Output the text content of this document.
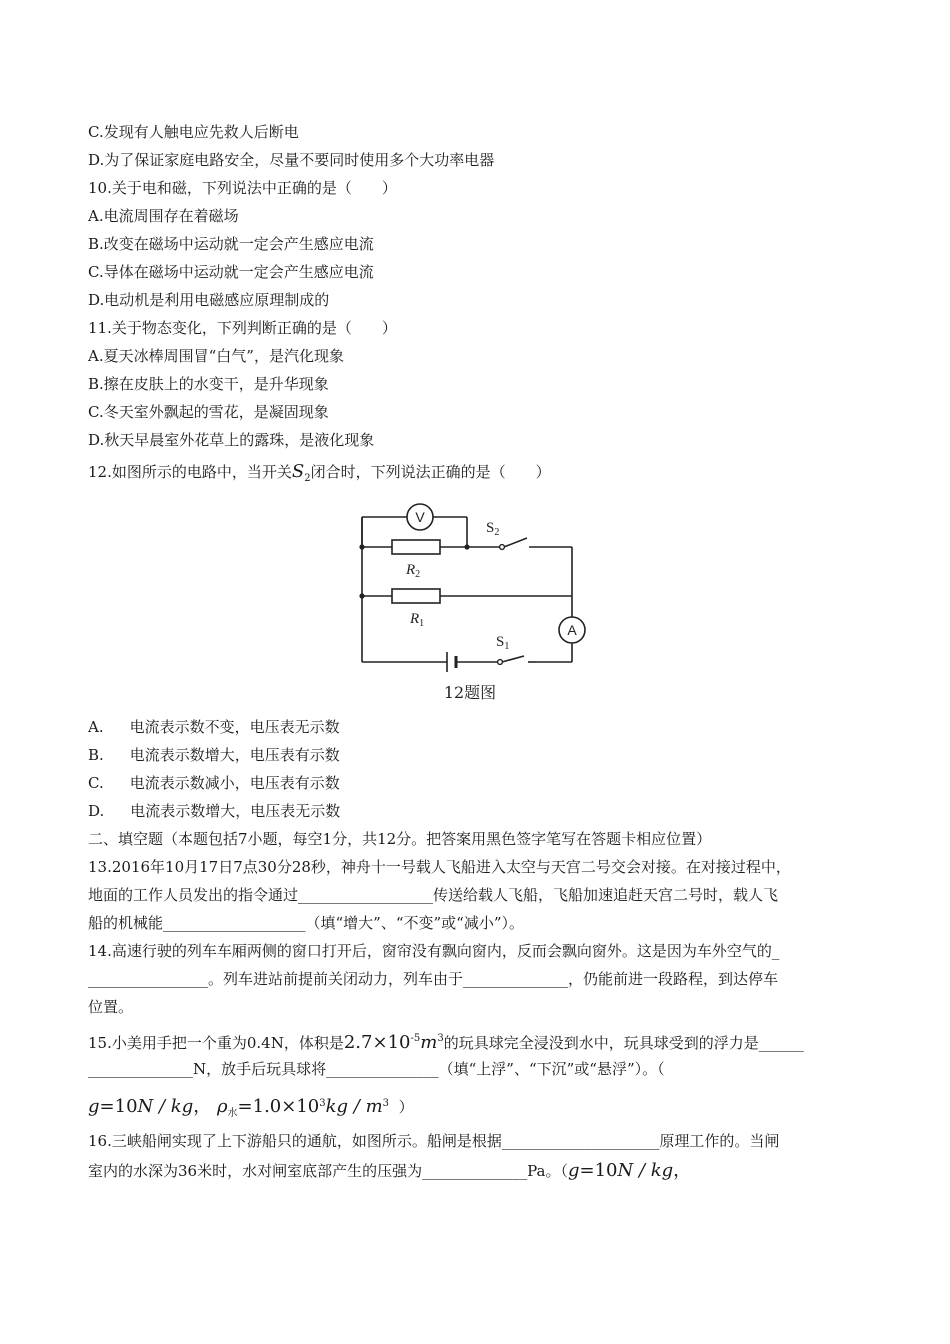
C.发现有人触电应先救人后断电
D.为了保证家庭电路安全，尽量不要同时使用多个大功率电器
10.关于电和磁，下列说法中正确的是（　　）
A.电流周围存在着磁场
B.改变在磁场中运动就一定会产生感应电流
C.导体在磁场中运动就一定会产生感应电流
D.电动机是利用电磁感应原理制成的
11.关于物态变化，下列判断正确的是（　　）
A.夏天冰棒周围冒“白气”，是汽化现象
B.擦在皮肤上的水变干，是升华现象
C.冬天室外飘起的雪花，是凝固现象
D.秋天早晨室外花草上的露珠，是液化现象
12.如图所示的电路中，当开关$S_2$闭合时，下列说法正确的是（　　）
V
A
$S_2$
$R_2$
$R_1$
$S_1$
12题图
A. 电流表示数不变，电压表无示数
B. 电流表示数增大，电压表有示数
C. 电流表示数减小，电压表有示数
D. 电流表示数增大，电压表无示数
二、填空题（本题包括7小题，每空1分，共12分。把答案用黑色签字笔写在答题卡相应位置）
13.2016年10月17日7点30分28秒，神舟十一号载人飞船进入太空与天宫二号交会对接。在对接过程中，
地面的工作人员发出的指令通过__________________传送给载人飞船，飞船加速追赶天宫二号时，载人飞
船的机械能___________________（填“增大”、“不变”或“减小”）。
14.高速行驶的列车车厢两侧的窗口打开后，窗帘没有飘向窗内，反而会飘向窗外。这是因为车外空气的_
________________。列车进站前提前关闭动力，列车由于______________，仍能前进一段路程，到达停车
位置。
15.小美用手把一个重为0.4N，体积是$2.7\times 10^{-5}m^3$的玩具球完全浸没到水中，玩具球受到的浮力是______
______________N，放手后玩具球将_______________（填“上浮”、“下沉”或“悬浮”）。（
g=10N / kg， $\rho_水=1.0\times 10^3kg / m^3$ ）
16.三峡船闸实现了上下游船只的通航，如图所示。船闸是根据_____________________原理工作的。当闸
室内的水深为36米时，水对闸室底部产生的压强为______________Pa。（g=10N / kg，
